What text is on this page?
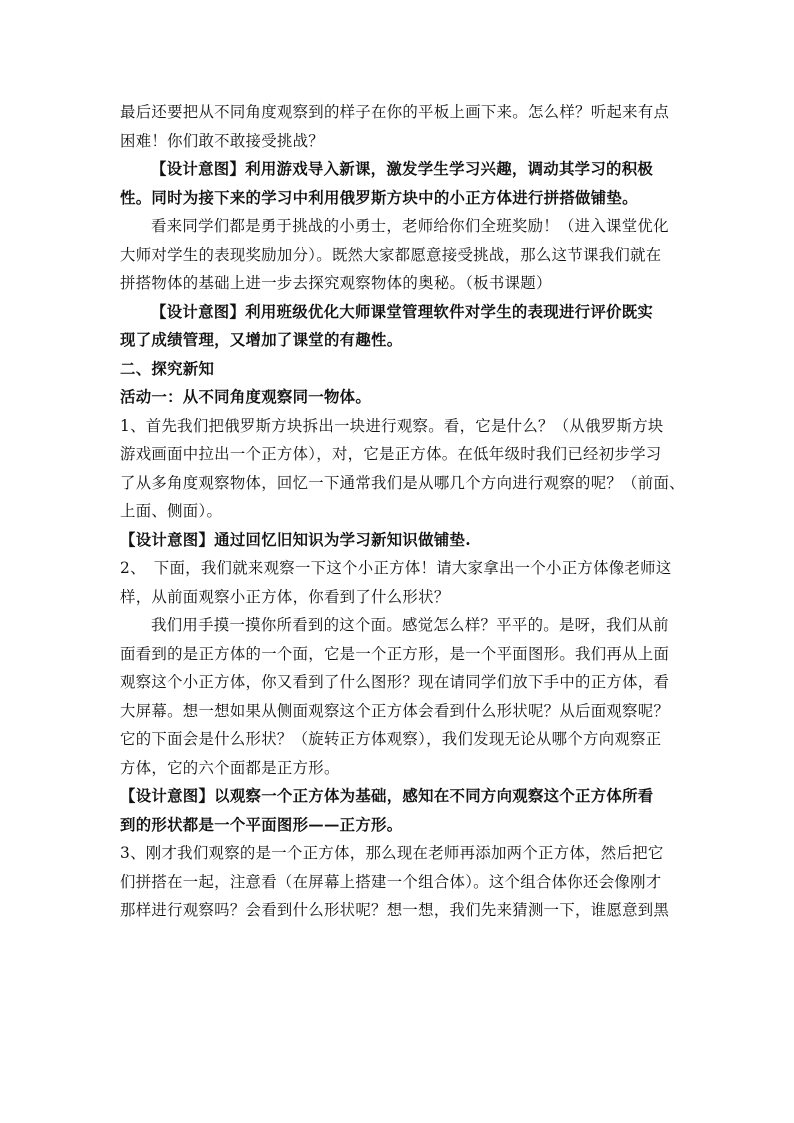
最后还要把从不同角度观察到的样子在你的平板上画下来。怎么样？听起来有点

困难！你们敢不敢接受挑战？

【设计意图】利用游戏导入新课，激发学生学习兴趣，调动其学习的积极

性。同时为接下来的学习中利用俄罗斯方块中的小正方体进行拼搭做铺垫。

看来同学们都是勇于挑战的小勇士，老师给你们全班奖励！（进入课堂优化

大师对学生的表现奖励加分）。既然大家都愿意接受挑战，那么这节课我们就在

拼搭物体的基础上进一步去探究观察物体的奥秘。（板书课题）

【设计意图】利用班级优化大师课堂管理软件对学生的表现进行评价既实

现了成绩管理，又增加了课堂的有趣性。

二、探究新知

活动一：从不同角度观察同一物体。

1、首先我们把俄罗斯方块拆出一块进行观察。看，它是什么？（从俄罗斯方块

游戏画面中拉出一个正方体），对，它是正方体。在低年级时我们已经初步学习

了从多角度观察物体，回忆一下通常我们是从哪几个方向进行观察的呢？（前面、

上面、侧面）。

【设计意图】通过回忆旧知识为学习新知识做铺垫.

2、　下面，我们就来观察一下这个小正方体！请大家拿出一个小正方体像老师这

样，从前面观察小正方体，你看到了什么形状？

我们用手摸一摸你所看到的这个面。感觉怎么样？平平的。是呀，我们从前

面看到的是正方体的一个面，它是一个正方形，是一个平面图形。我们再从上面

观察这个小正方体，你又看到了什么图形？现在请同学们放下手中的正方体，看

大屏幕。想一想如果从侧面观察这个正方体会看到什么形状呢？从后面观察呢？

它的下面会是什么形状？（旋转正方体观察），我们发现无论从哪个方向观察正

方体，它的六个面都是正方形。

【设计意图】以观察一个正方体为基础，感知在不同方向观察这个正方体所看

到的形状都是一个平面图形——正方形。

3、刚才我们观察的是一个正方体，那么现在老师再添加两个正方体，然后把它

们拼搭在一起，注意看（在屏幕上搭建一个组合体）。这个组合体你还会像刚才

那样进行观察吗？会看到什么形状呢？想一想，我们先来猜测一下，谁愿意到黑
